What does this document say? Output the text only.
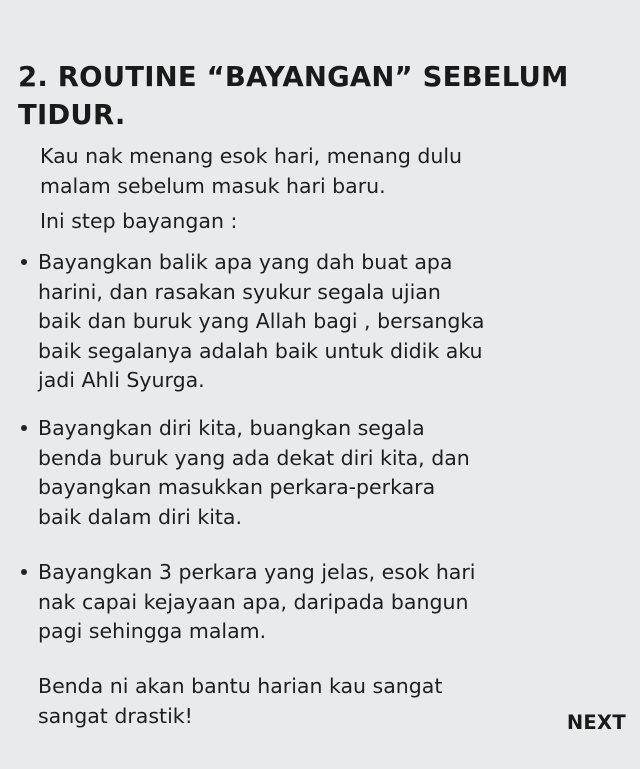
2. ROUTINE “BAYANGAN” SEBELUM
TIDUR.
Kau nak menang esok hari, menang dulu
malam sebelum masuk hari baru.
Ini step bayangan :
Bayangkan balik apa yang dah buat apa
harini, dan rasakan syukur segala ujian
baik dan buruk yang Allah bagi , bersangka
baik segalanya adalah baik untuk didik aku
jadi Ahli Syurga.
Bayangkan diri kita, buangkan segala
benda buruk yang ada dekat diri kita, dan
bayangkan masukkan perkara-perkara
baik dalam diri kita.
Bayangkan 3 perkara yang jelas, esok hari
nak capai kejayaan apa, daripada bangun
pagi sehingga malam.
Benda ni akan bantu harian kau sangat
sangat drastik!	NEXT
